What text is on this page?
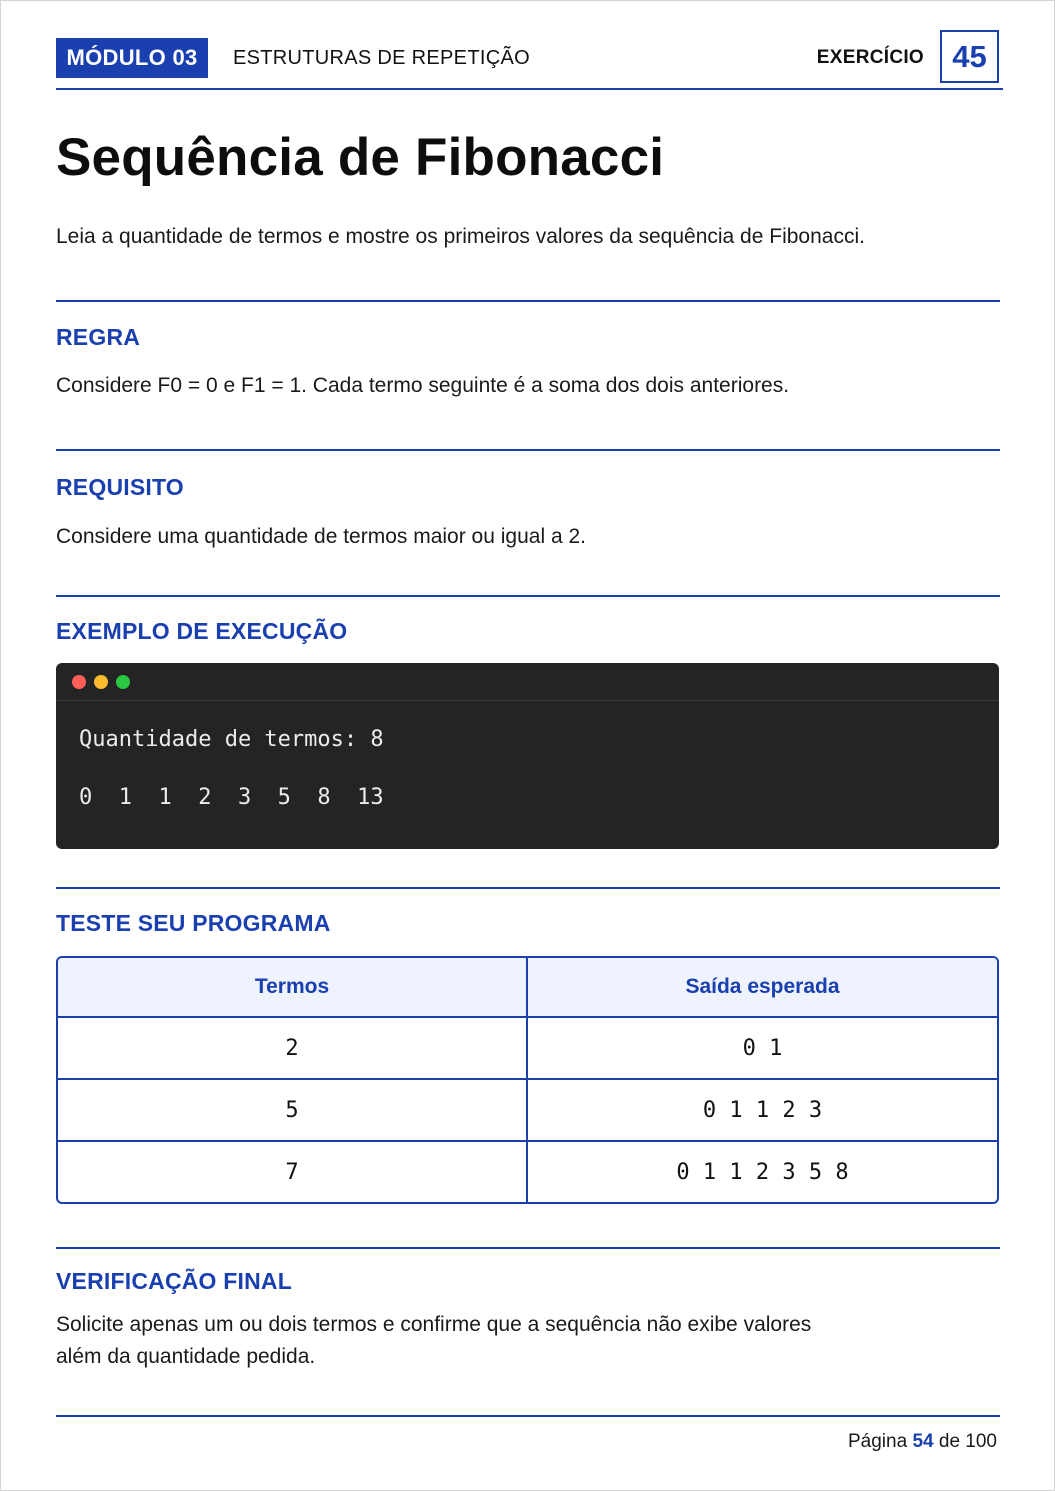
MÓDULO 03	ESTRUTURAS DE REPETIÇÃO	EXERCÍCIO 45
Sequência de Fibonacci
Leia a quantidade de termos e mostre os primeiros valores da sequência de Fibonacci.
REGRA
Considere F0 = 0 e F1 = 1. Cada termo seguinte é a soma dos dois anteriores.
REQUISITO
Considere uma quantidade de termos maior ou igual a 2.
EXEMPLO DE EXECUÇÃO
Quantidade de termos: 8
0  1  1  2  3  5  8  13
TESTE SEU PROGRAMA
Termos	Saída esperada
2	0 1
5	0 1 1 2 3
7	0 1 1 2 3 5 8
VERIFICAÇÃO FINAL
Solicite apenas um ou dois termos e confirme que a sequência não exibe valores
além da quantidade pedida.
Página 54 de 100
